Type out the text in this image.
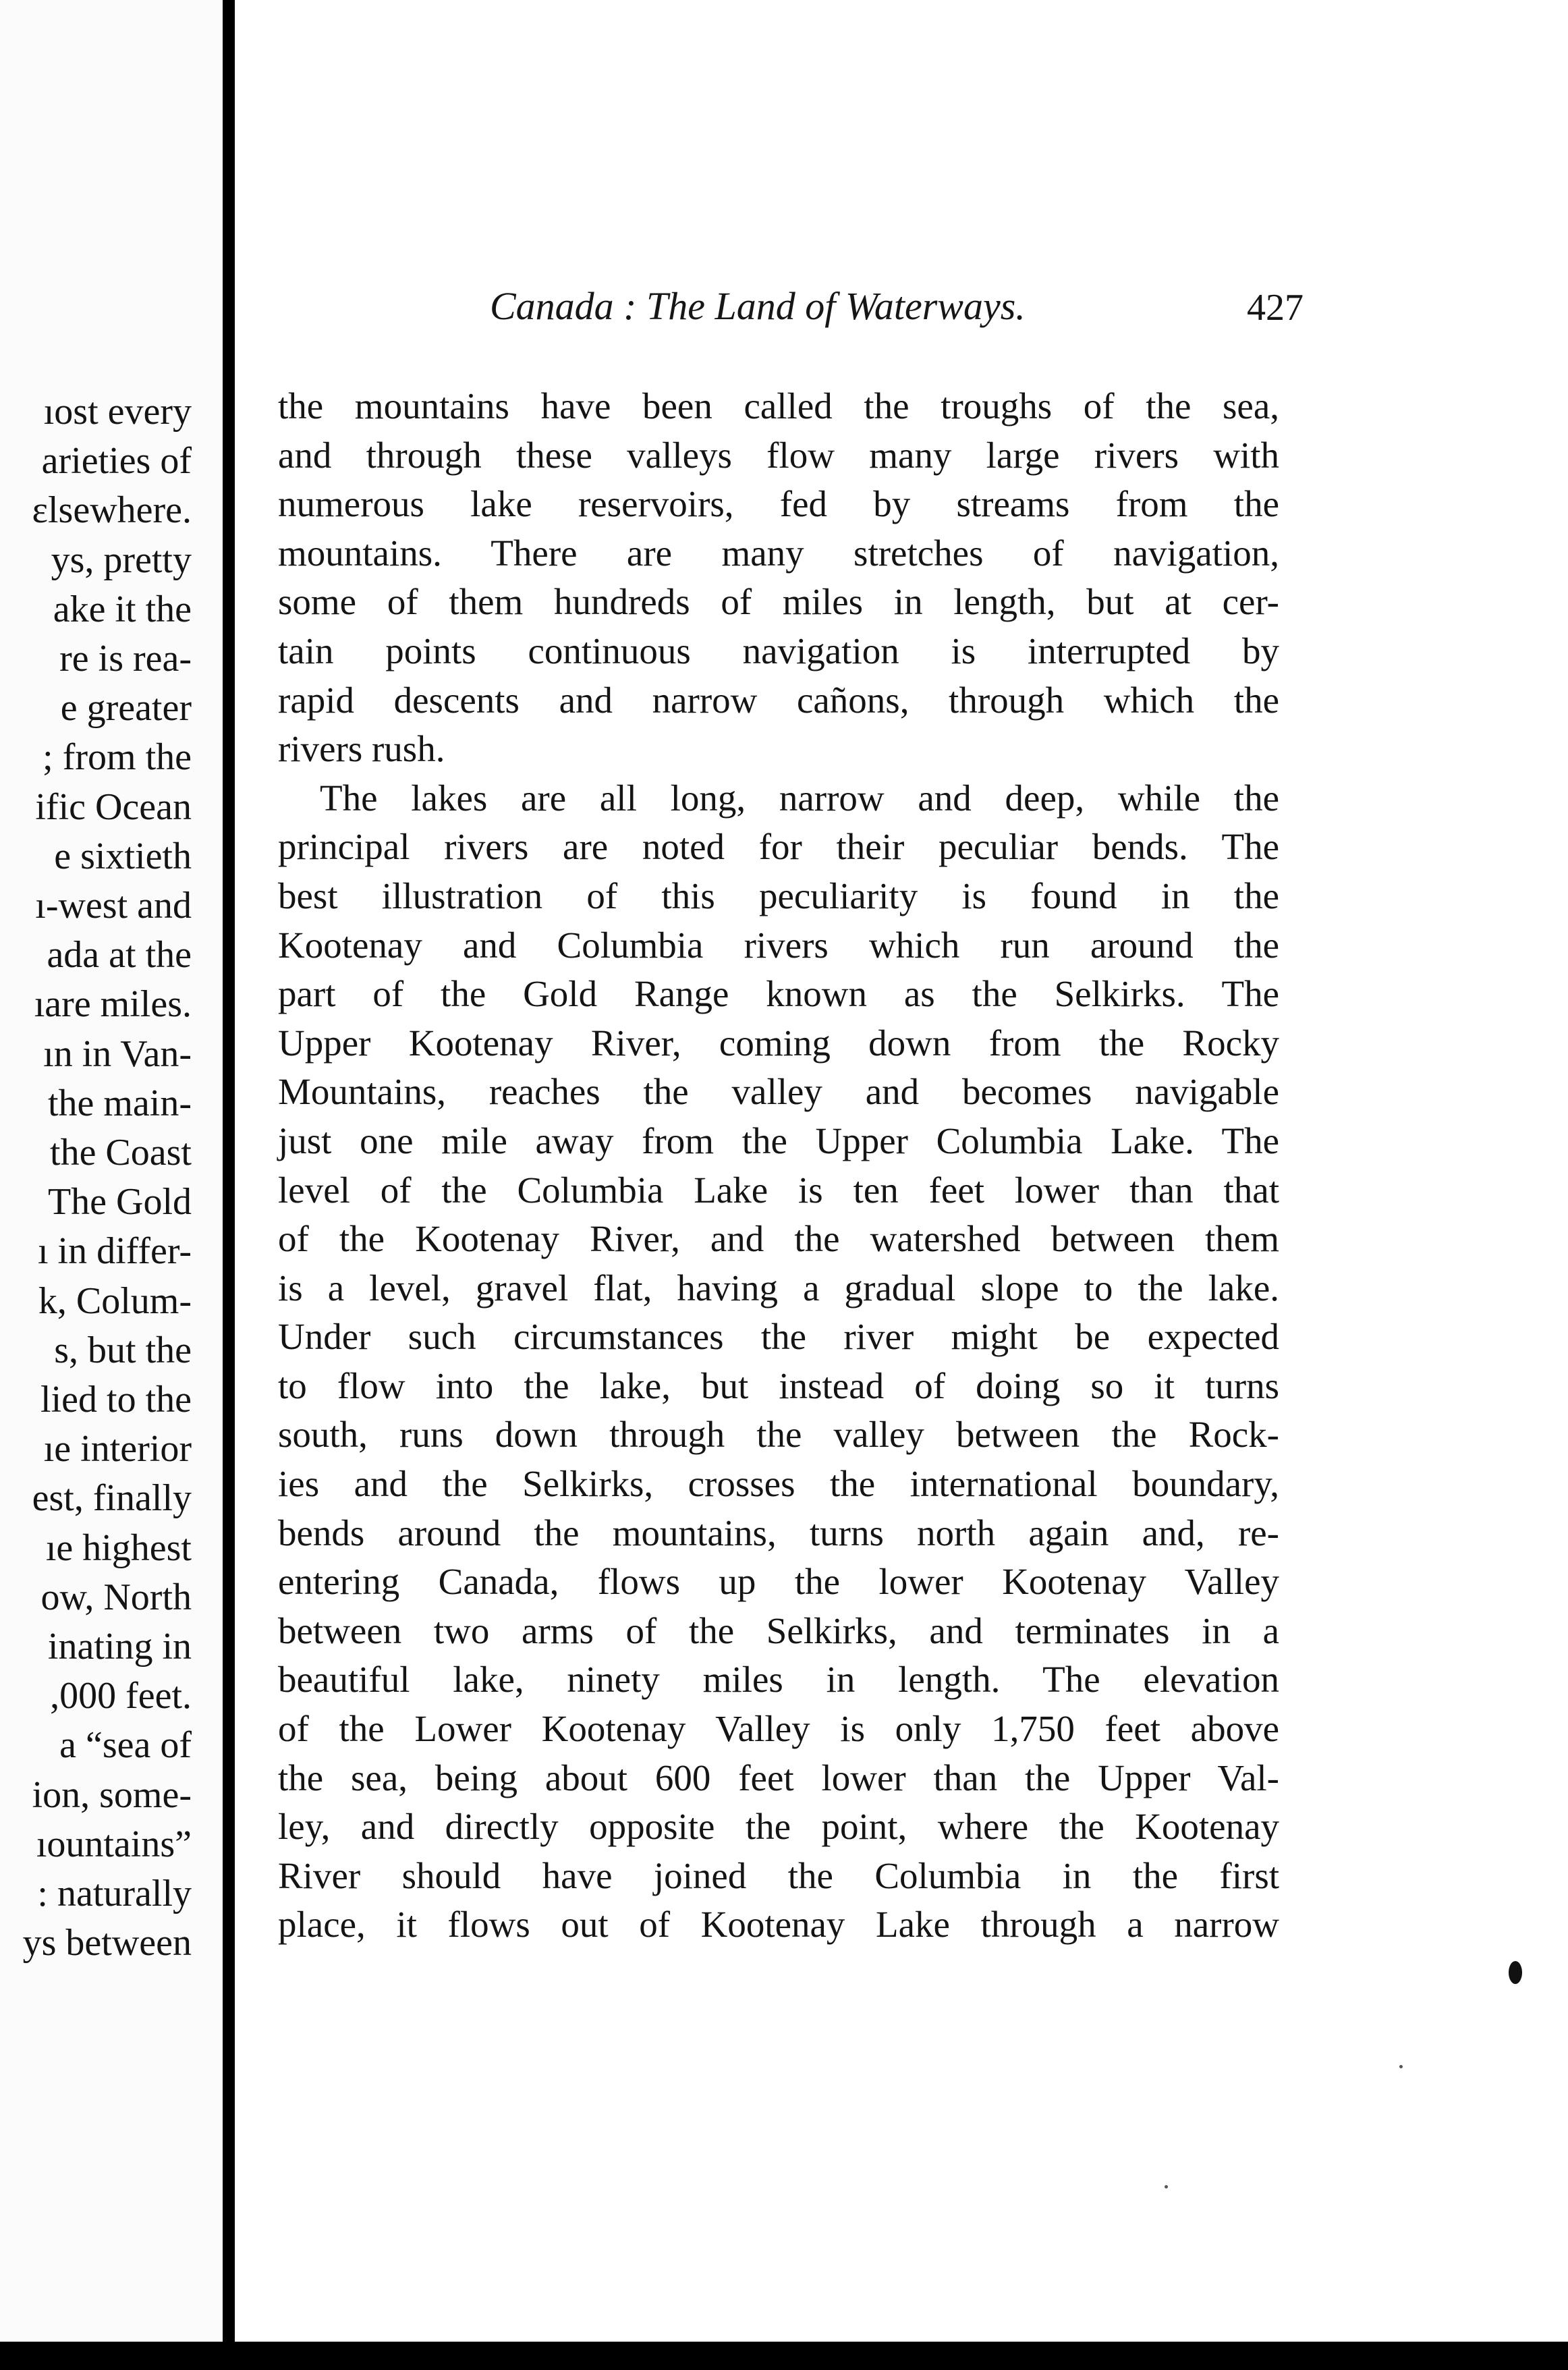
ıost every
arieties of
ɛlsewhere.
ys, pretty
ake it the
re is rea-
e greater
; from the
ific Ocean
e sixtieth
ı-west and
ada at the
ıare miles.
ın in Van-
the main-
the Coast
The Gold
ı in differ-
k, Colum-
s, but the
lied to the
ıe interior
est, finally
ıe highest
ow, North
inating in
,000 feet.
a “sea of
ion, some-
ıountains”
: naturally
ys between
Canada : The Land of Waterways.	427
the mountains have been called the troughs of the sea,
and through these valleys flow many large rivers with
numerous lake reservoirs, fed by streams from the
mountains. There are many stretches of navigation,
some of them hundreds of miles in length, but at cer-
tain points continuous navigation is interrupted by
rapid descents and narrow cañons, through which the
rivers rush.
The lakes are all long, narrow and deep, while the
principal rivers are noted for their peculiar bends. The
best illustration of this peculiarity is found in the
Kootenay and Columbia rivers which run around the
part of the Gold Range known as the Selkirks. The
Upper Kootenay River, coming down from the Rocky
Mountains, reaches the valley and becomes navigable
just one mile away from the Upper Columbia Lake. The
level of the Columbia Lake is ten feet lower than that
of the Kootenay River, and the watershed between them
is a level, gravel flat, having a gradual slope to the lake.
Under such circumstances the river might be expected
to flow into the lake, but instead of doing so it turns
south, runs down through the valley between the Rock-
ies and the Selkirks, crosses the international boundary,
bends around the mountains, turns north again and, re-
entering Canada, flows up the lower Kootenay Valley
between two arms of the Selkirks, and terminates in a
beautiful lake, ninety miles in length. The elevation
of the Lower Kootenay Valley is only 1,750 feet above
the sea, being about 600 feet lower than the Upper Val-
ley, and directly opposite the point, where the Kootenay
River should have joined the Columbia in the first
place, it flows out of Kootenay Lake through a narrow
